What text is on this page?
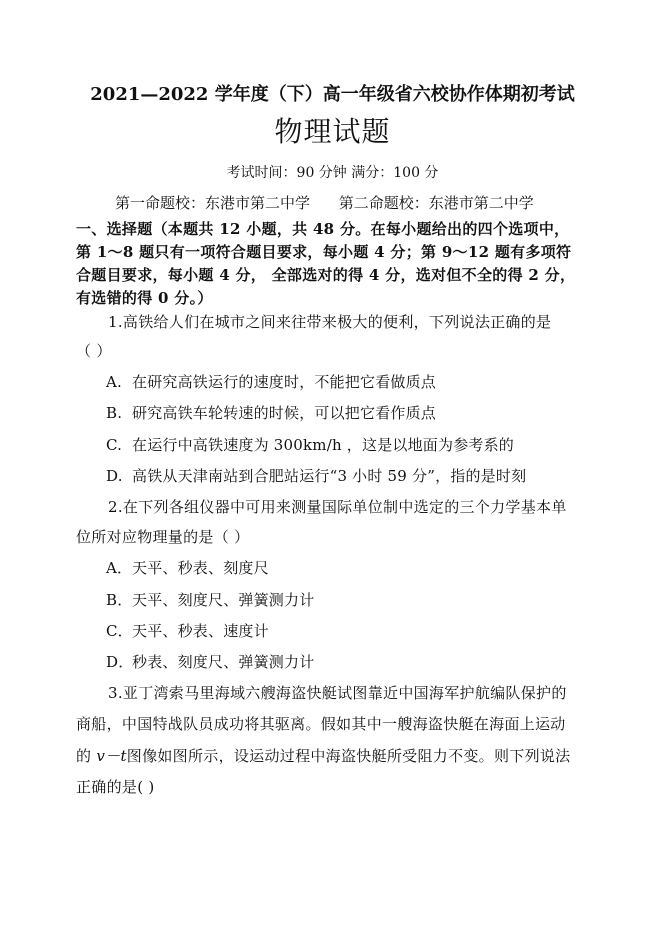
2021—2022 学年度（下）高一年级省六校协作体期初考试
物理试题
考试时间：90 分钟 满分：100 分
第一命题校：东港市第二中学 第二命题校：东港市第二中学
一、选择题（本题共 12 小题，共 48 分。在每小题给出的四个选项中，
第 1～8 题只有一项符合题目要求，每小题 4 分；第 9～12 题有多项符
合题目要求，每小题 4 分， 全部选对的得 4 分，选对但不全的得 2 分，
有选错的得 0 分。）
1.高铁给人们在城市之间来往带来极大的便利，下列说法正确的是
（ ）
A. 在研究高铁运行的速度时，不能把它看做质点
B. 研究高铁车轮转速的时候，可以把它看作质点
C. 在运行中高铁速度为 300km/h ，这是以地面为参考系的
D. 高铁从天津南站到合肥站运行“3 小时 59 分”，指的是时刻
2.在下列各组仪器中可用来测量国际单位制中选定的三个力学基本单
位所对应物理量的是（ ）
A．天平、秒表、刻度尺
B．天平、刻度尺、弹簧测力计
C．天平、秒表、速度计
D．秒表、刻度尺、弹簧测力计
3.亚丁湾索马里海域六艘海盗快艇试图靠近中国海军护航编队保护的
商船，中国特战队员成功将其驱离。假如其中一艘海盗快艇在海面上运动
的 v－t图像如图所示，设运动过程中海盗快艇所受阻力不变。则下列说法
正确的是( )
